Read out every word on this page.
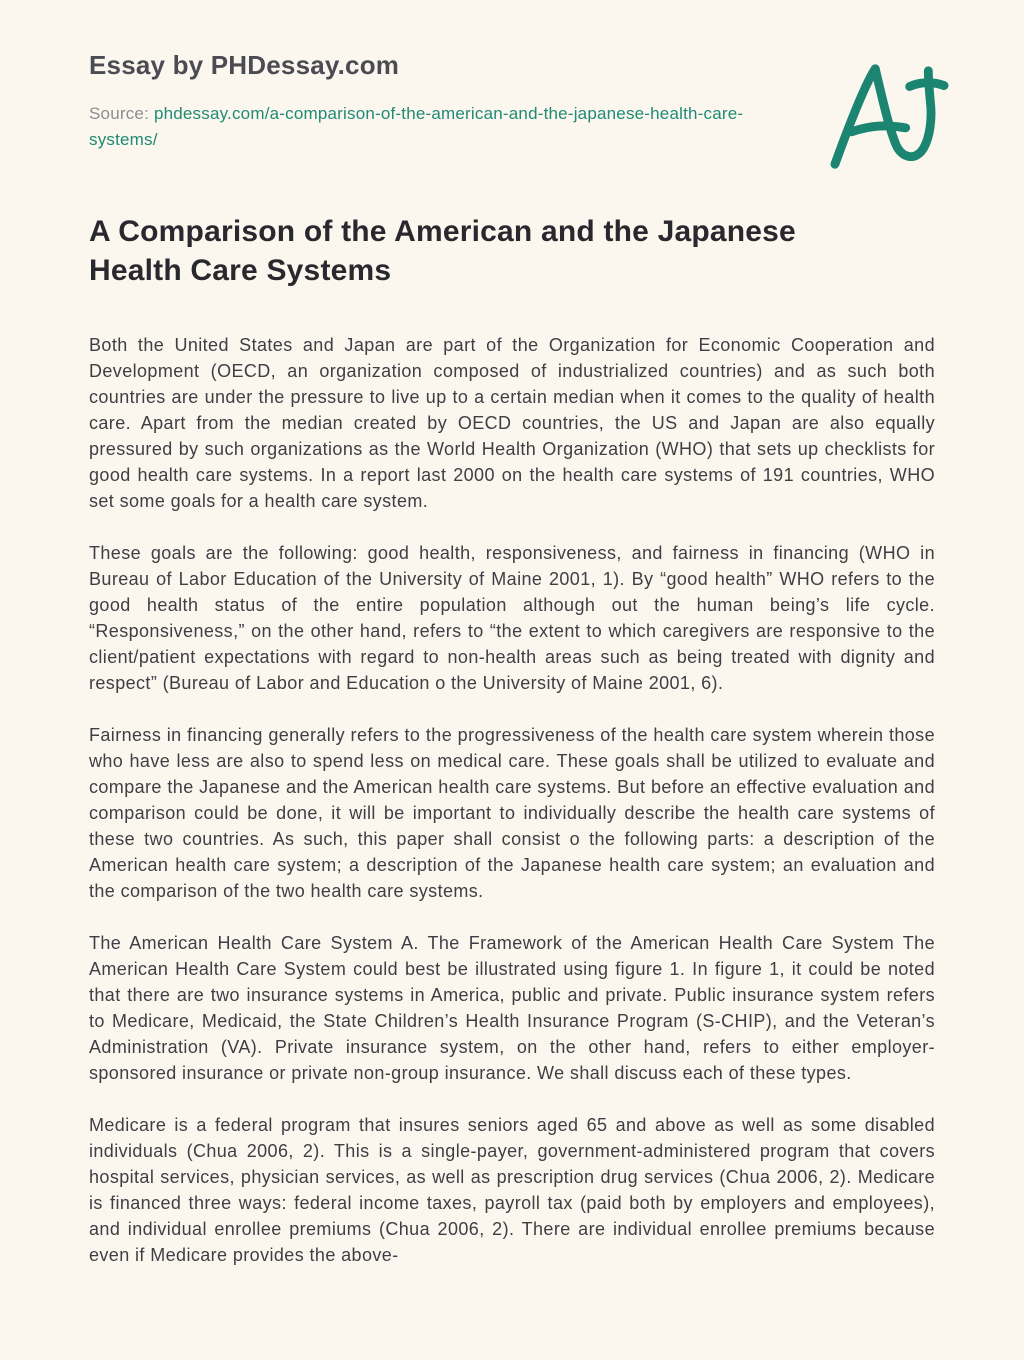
Essay by PHDessay.com
Source: phdessay.com/a-comparison-of-the-american-and-the-japanese-health-care-systems/
A Comparison of the American and the Japanese Health Care Systems

Both the United States and Japan are part of the Organization for Economic Cooperation and Development (OECD, an organization composed of industrialized countries) and as such both countries are under the pressure to live up to a certain median when it comes to the quality of health care. Apart from the median created by OECD countries, the US and Japan are also equally pressured by such organizations as the World Health Organization (WHO) that sets up checklists for good health care systems. In a report last 2000 on the health care systems of 191 countries, WHO set some goals for a health care system.

These goals are the following: good health, responsiveness, and fairness in financing (WHO in Bureau of Labor Education of the University of Maine 2001, 1). By “good health” WHO refers to the good health status of the entire population although out the human being’s life cycle. “Responsiveness,” on the other hand, refers to “the extent to which caregivers are responsive to the client/patient expectations with regard to non-health areas such as being treated with dignity and respect” (Bureau of Labor and Education o the University of Maine 2001, 6).

Fairness in financing generally refers to the progressiveness of the health care system wherein those who have less are also to spend less on medical care. These goals shall be utilized to evaluate and compare the Japanese and the American health care systems. But before an effective evaluation and comparison could be done, it will be important to individually describe the health care systems of these two countries. As such, this paper shall consist o the following parts: a description of the American health care system; a description of the Japanese health care system; an evaluation and the comparison of the two health care systems.

The American Health Care System A. The Framework of the American Health Care System The American Health Care System could best be illustrated using figure 1. In figure 1, it could be noted that there are two insurance systems in America, public and private. Public insurance system refers to Medicare, Medicaid, the State Children’s Health Insurance Program (S-CHIP), and the Veteran’s Administration (VA). Private insurance system, on the other hand, refers to either employer-sponsored insurance or private non-group insurance. We shall discuss each of these types.

Medicare is a federal program that insures seniors aged 65 and above as well as some disabled individuals (Chua 2006, 2). This is a single-payer, government-administered program that covers hospital services, physician services, as well as prescription drug services (Chua 2006, 2). Medicare is financed three ways: federal income taxes, payroll tax (paid both by employers and employees), and individual enrollee premiums (Chua 2006, 2). There are individual enrollee premiums because even if Medicare provides the above-
